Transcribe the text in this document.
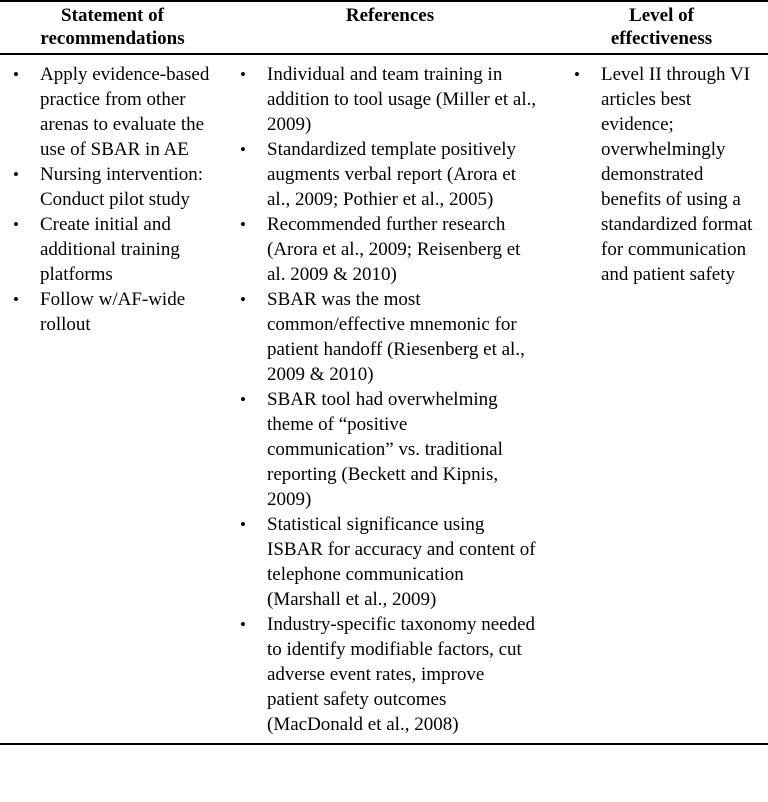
Statement of
recommendations
References	Level of
effectiveness
• Apply evidence-based practice from other arenas to evaluate the use of SBAR in AE
• Nursing intervention: Conduct pilot study
• Create initial and additional training platforms
• Follow w/AF-wide rollout
• Individual and team training in addition to tool usage (Miller et al., 2009)
• Standardized template positively augments verbal report (Arora et al., 2009; Pothier et al., 2005)
• Recommended further research (Arora et al., 2009; Reisenberg et al. 2009 & 2010)
• SBAR was the most common/effective mnemonic for patient handoff (Riesenberg et al., 2009 & 2010)
• SBAR tool had overwhelming theme of “positive communication” vs. traditional reporting (Beckett and Kipnis, 2009)
• Statistical significance using ISBAR for accuracy and content of telephone communication (Marshall et al., 2009)
• Industry-specific taxonomy needed to identify modifiable factors, cut adverse event rates, improve patient safety outcomes (MacDonald et al., 2008)
• Level II through VI articles best evidence; overwhelmingly demonstrated benefits of using a standardized format for communication and patient safety
